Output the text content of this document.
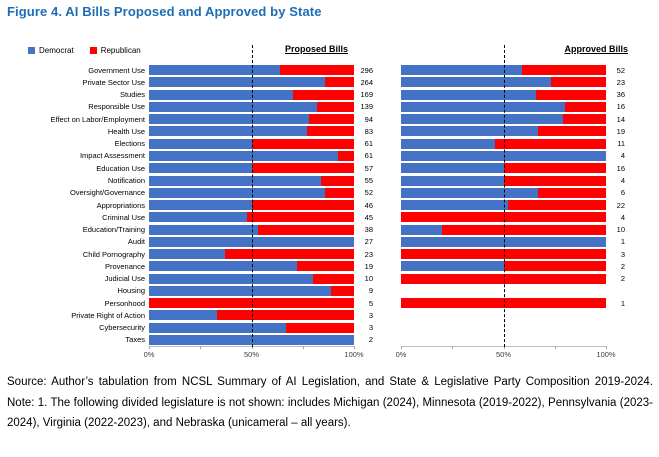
Figure 4. AI Bills Proposed and Approved by State
Democrat	Republican	Proposed Bills	Approved Bills
Government Use
Private Sector Use
Studies
Responsible Use
Effect on Labor/Employment
Health Use
Elections
Impact Assessment
Education Use
Notification
Oversight/Governance
Appropriations
Criminal Use
Education/Training
Audit
Child Pornography
Provenance
Judicial Use
Housing
Personhood
Private Right of Action
Cybersecurity
Taxes
0%	50%	100%
296
264
169
139
94
83
61
61
57
55
52
46
45
38
27
23
19
10
9
5
3
3
2
0%	50%	100%
52
23
36
16
14
19
11
4
16
4
6
22
4
10
1
3
2
2
1
Source: Author’s tabulation from NCSL Summary of AI Legislation, and State & Legislative Party Composition 2019-2024. Note: 1. The following divided legislature is not shown: includes Michigan (2024), Minnesota (2019-2022), Pennsylvania (2023-2024), Virginia (2022-2023), and Nebraska (unicameral – all years).
